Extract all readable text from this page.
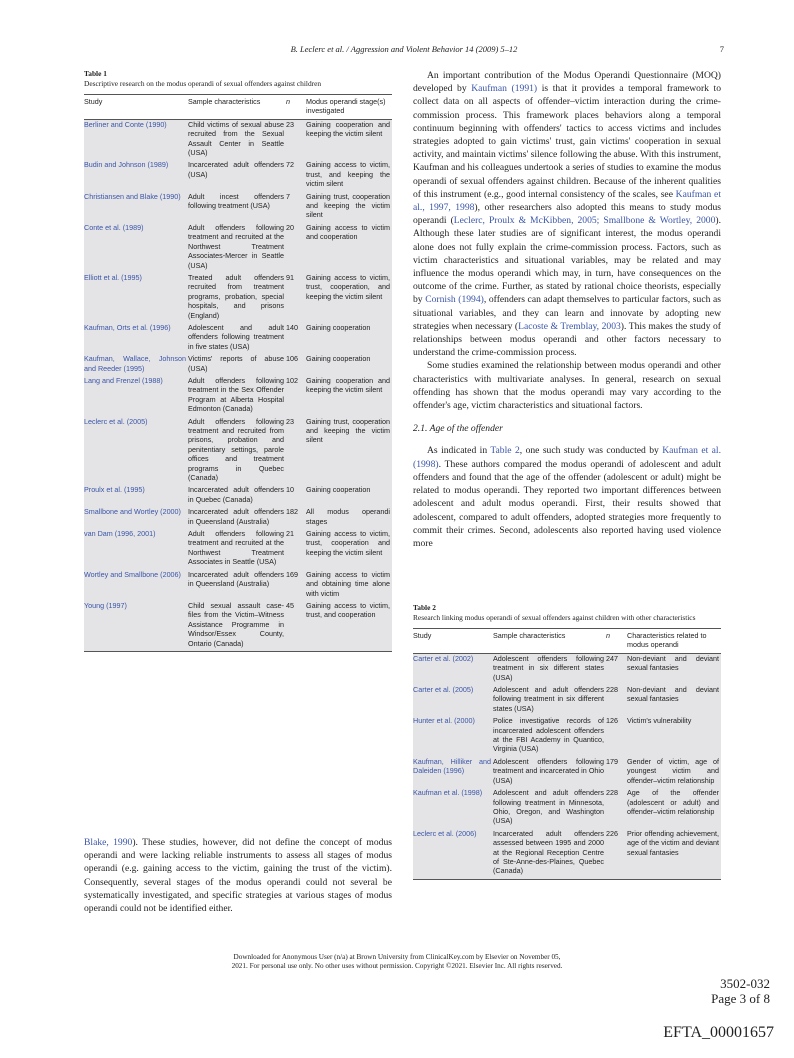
B. Leclerc et al. / Aggression and Violent Behavior 14 (2009) 5–12	7
Table 1
Descriptive research on the modus operandi of sexual offenders against children
Study	Sample characteristics	n	Modus operandi stage(s) investigated
Berliner and Conte (1990)	Child victims of sexual abuse recruited from the Sexual Assault Center in Seattle (USA)	23	Gaining cooperation and keeping the victim silent
Budin and Johnson (1989)	Incarcerated adult offenders (USA)	72	Gaining access to victim, trust, and keeping the victim silent
Christiansen and Blake (1990)	Adult incest offenders following treatment (USA)	7	Gaining trust, cooperation and keeping the victim silent
Conte et al. (1989)	Adult offenders following treatment and recruited at the Northwest Treatment Associates-Mercer in Seattle (USA)	20	Gaining access to victim and cooperation
Elliott et al. (1995)	Treated adult offenders recruited from treatment programs, probation, special hospitals, and prisons (England)	91	Gaining access to victim, trust, cooperation, and keeping the victim silent
Kaufman, Orts et al. (1996)	Adolescent and adult offenders following treatment in five states (USA)	140	Gaining cooperation
Kaufman, Wallace, Johnson and Reeder (1995)	Victims' reports of abuse (USA)	106	Gaining cooperation
Lang and Frenzel (1988)	Adult offenders following treatment in the Sex Offender Program at Alberta Hospital Edmonton (Canada)	102	Gaining cooperation and keeping the victim silent
Leclerc et al. (2005)	Adult offenders following treatment and recruited from prisons, probation and penitentiary settings, parole offices and treatment programs in Quebec (Canada)	23	Gaining trust, cooperation and keeping the victim silent
Proulx et al. (1995)	Incarcerated adult offenders in Quebec (Canada)	10	Gaining cooperation
Smallbone and Wortley (2000)	Incarcerated adult offenders in Queensland (Australia)	182	All modus operandi stages
van Dam (1996, 2001)	Adult offenders following treatment and recruited at the Northwest Treatment Associates in Seattle (USA)	21	Gaining access to victim, trust, cooperation and keeping the victim silent
Wortley and Smallbone (2006)	Incarcerated adult offenders in Queensland (Australia)	169	Gaining access to victim and obtaining time alone with victim
Young (1997)	Child sexual assault case-files from the Victim–Witness Assistance Programme in Windsor/Essex County, Ontario (Canada)	45	Gaining access to victim, trust, and cooperation

Blake, 1990). These studies, however, did not define the concept of modus operandi and were lacking reliable instruments to assess all stages of modus operandi (e.g. gaining access to the victim, gaining the trust of the victim). Consequently, several stages of the modus operandi could not several be systematically investigated, and specific strategies at various stages of modus operandi could not be identified either.

An important contribution of the Modus Operandi Questionnaire (MOQ) developed by Kaufman (1991) is that it provides a temporal framework to collect data on all aspects of offender–victim interaction during the crime-commission process. This framework places behaviors along a temporal continuum beginning with offenders' tactics to access victims and includes strategies adopted to gain victims' trust, gain victims' cooperation in sexual activity, and maintain victims' silence following the abuse. With this instrument, Kaufman and his colleagues undertook a series of studies to examine the modus operandi of sexual offenders against children. Because of the inherent qualities of this instrument (e.g., good internal consistency of the scales, see Kaufman et al., 1997, 1998), other researchers also adopted this means to study modus operandi (Leclerc, Proulx & McKibben, 2005; Smallbone & Wortley, 2000). Although these later studies are of significant interest, the modus operandi alone does not fully explain the crime-commission process. Factors, such as victim characteristics and situational variables, may be related and may influence the modus operandi which may, in turn, have consequences on the outcome of the crime. Further, as stated by rational choice theorists, especially by Cornish (1994), offenders can adapt themselves to particular factors, such as situational variables, and they can learn and innovate by adopting new strategies when necessary (Lacoste & Tremblay, 2003). This makes the study of relationships between modus operandi and other factors necessary to understand the crime-commission process.

Some studies examined the relationship between modus operandi and other characteristics with multivariate analyses. In general, research on sexual offending has shown that the modus operandi may vary according to the offender's age, victim characteristics and situational factors.

2.1. Age of the offender

As indicated in Table 2, one such study was conducted by Kaufman et al. (1998). These authors compared the modus operandi of adolescent and adult offenders and found that the age of the offender (adolescent or adult) might be related to modus operandi. They reported two important differences between adolescent and adult modus operandi. First, their results showed that adolescent, compared to adult offenders, adopted strategies more frequently to commit their crimes. Second, adolescents also reported having used violence more

Table 2
Research linking modus operandi of sexual offenders against children with other characteristics
Study	Sample characteristics	n	Characteristics related to modus operandi
Carter et al. (2002)	Adolescent offenders following treatment in six different states (USA)	247	Non-deviant and deviant sexual fantasies
Carter et al. (2005)	Adolescent and adult offenders following treatment in six different states (USA)	228	Non-deviant and deviant sexual fantasies
Hunter et al. (2000)	Police investigative records of incarcerated adolescent offenders at the FBI Academy in Quantico, Virginia (USA)	126	Victim's vulnerability
Kaufman, Hilliker and Daleiden (1996)	Adolescent offenders following treatment and incarcerated in Ohio (USA)	179	Gender of victim, age of youngest victim and offender–victim relationship
Kaufman et al. (1998)	Adolescent and adult offenders following treatment in Minnesota, Ohio, Oregon, and Washington (USA)	228	Age of the offender (adolescent or adult) and offender–victim relationship
Leclerc et al. (2006)	Incarcerated adult offenders assessed between 1995 and 2000 at the Regional Reception Centre of Ste-Anne-des-Plaines, Quebec (Canada)	226	Prior offending achievement, age of the victim and deviant sexual fantasies
Downloaded for Anonymous User (n/a) at Brown University from ClinicalKey.com by Elsevier on November 05,
2021. For personal use only. No other uses without permission. Copyright ©2021. Elsevier Inc. All rights reserved.
3502-032
Page 3 of 8
EFTA_00001657
